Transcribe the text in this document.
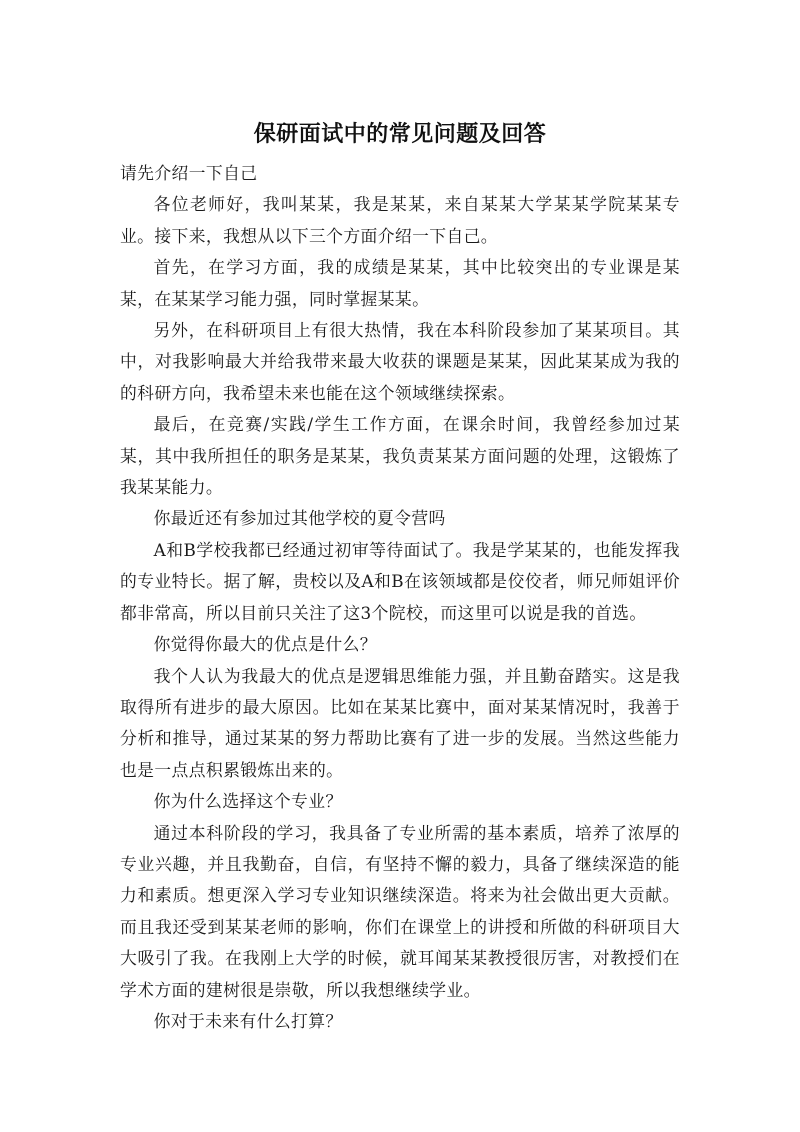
保研面试中的常见问题及回答

请先介绍一下自己

各位老师好，我叫某某，我是某某，来自某某大学某某学院某某专业。接下来，我想从以下三个方面介绍一下自己。

首先，在学习方面，我的成绩是某某，其中比较突出的专业课是某某，在某某学习能力强，同时掌握某某。

另外，在科研项目上有很大热情，我在本科阶段参加了某某项目。其中，对我影响最大并给我带来最大收获的课题是某某，因此某某成为我的的科研方向，我希望未来也能在这个领域继续探索。

最后，在竞赛/实践/学生工作方面，在课余时间，我曾经参加过某某，其中我所担任的职务是某某，我负责某某方面问题的处理，这锻炼了我某某能力。

你最近还有参加过其他学校的夏令营吗

A和B学校我都已经通过初审等待面试了。我是学某某的，也能发挥我的专业特长。据了解，贵校以及A和B在该领域都是佼佼者，师兄师姐评价都非常高，所以目前只关注了这3个院校，而这里可以说是我的首选。

你觉得你最大的优点是什么？

我个人认为我最大的优点是逻辑思维能力强，并且勤奋踏实。这是我取得所有进步的最大原因。比如在某某比赛中，面对某某情况时，我善于分析和推导，通过某某的努力帮助比赛有了进一步的发展。当然这些能力也是一点点积累锻炼出来的。

你为什么选择这个专业？

通过本科阶段的学习，我具备了专业所需的基本素质，培养了浓厚的专业兴趣，并且我勤奋，自信，有坚持不懈的毅力，具备了继续深造的能力和素质。想更深入学习专业知识继续深造。将来为社会做出更大贡献。而且我还受到某某老师的影响，你们在课堂上的讲授和所做的科研项目大大吸引了我。在我刚上大学的时候，就耳闻某某教授很厉害，对教授们在学术方面的建树很是崇敬，所以我想继续学业。

你对于未来有什么打算？
